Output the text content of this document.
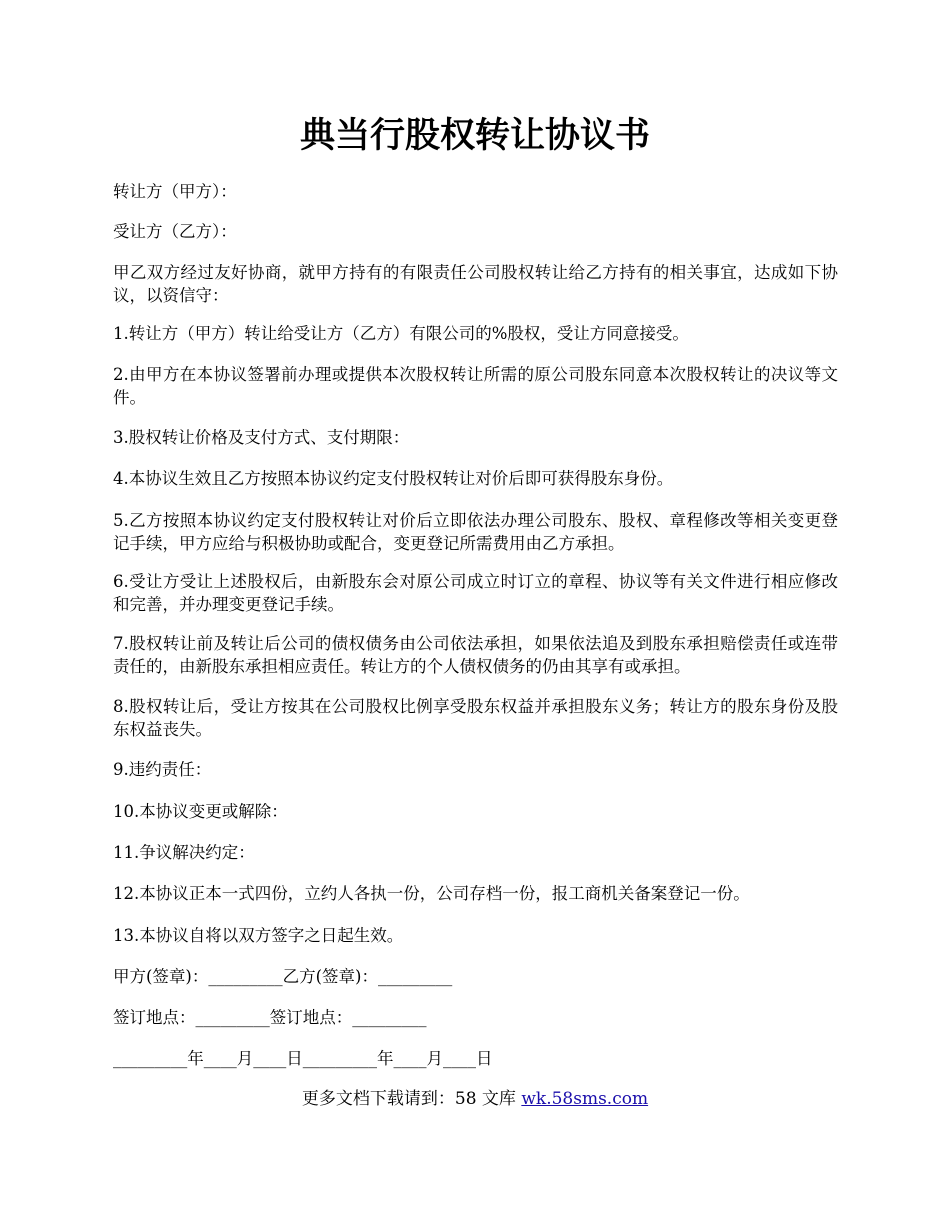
典当行股权转让协议书

转让方（甲方）：

受让方（乙方）：

甲乙双方经过友好协商，就甲方持有的有限责任公司股权转让给乙方持有的相关事宜，达成如下协议，以资信守：

1.转让方（甲方）转让给受让方（乙方）有限公司的%股权，受让方同意接受。

2.由甲方在本协议签署前办理或提供本次股权转让所需的原公司股东同意本次股权转让的决议等文件。

3.股权转让价格及支付方式、支付期限：

4.本协议生效且乙方按照本协议约定支付股权转让对价后即可获得股东身份。

5.乙方按照本协议约定支付股权转让对价后立即依法办理公司股东、股权、章程修改等相关变更登记手续，甲方应给与积极协助或配合，变更登记所需费用由乙方承担。

6.受让方受让上述股权后，由新股东会对原公司成立时订立的章程、协议等有关文件进行相应修改和完善，并办理变更登记手续。

7.股权转让前及转让后公司的债权债务由公司依法承担，如果依法追及到股东承担赔偿责任或连带责任的，由新股东承担相应责任。转让方的个人债权债务的仍由其享有或承担。

8.股权转让后，受让方按其在公司股权比例享受股东权益并承担股东义务；转让方的股东身份及股东权益丧失。

9.违约责任：

10.本协议变更或解除：

11.争议解决约定：

12.本协议正本一式四份，立约人各执一份，公司存档一份，报工商机关备案登记一份。

13.本协议自将以双方签字之日起生效。

甲方(签章)：_________乙方(签章)：_________

签订地点：_________签订地点：_________

_________年____月____日_________年____月____日

更多文档下载请到：58 文库 wk.58sms.com
